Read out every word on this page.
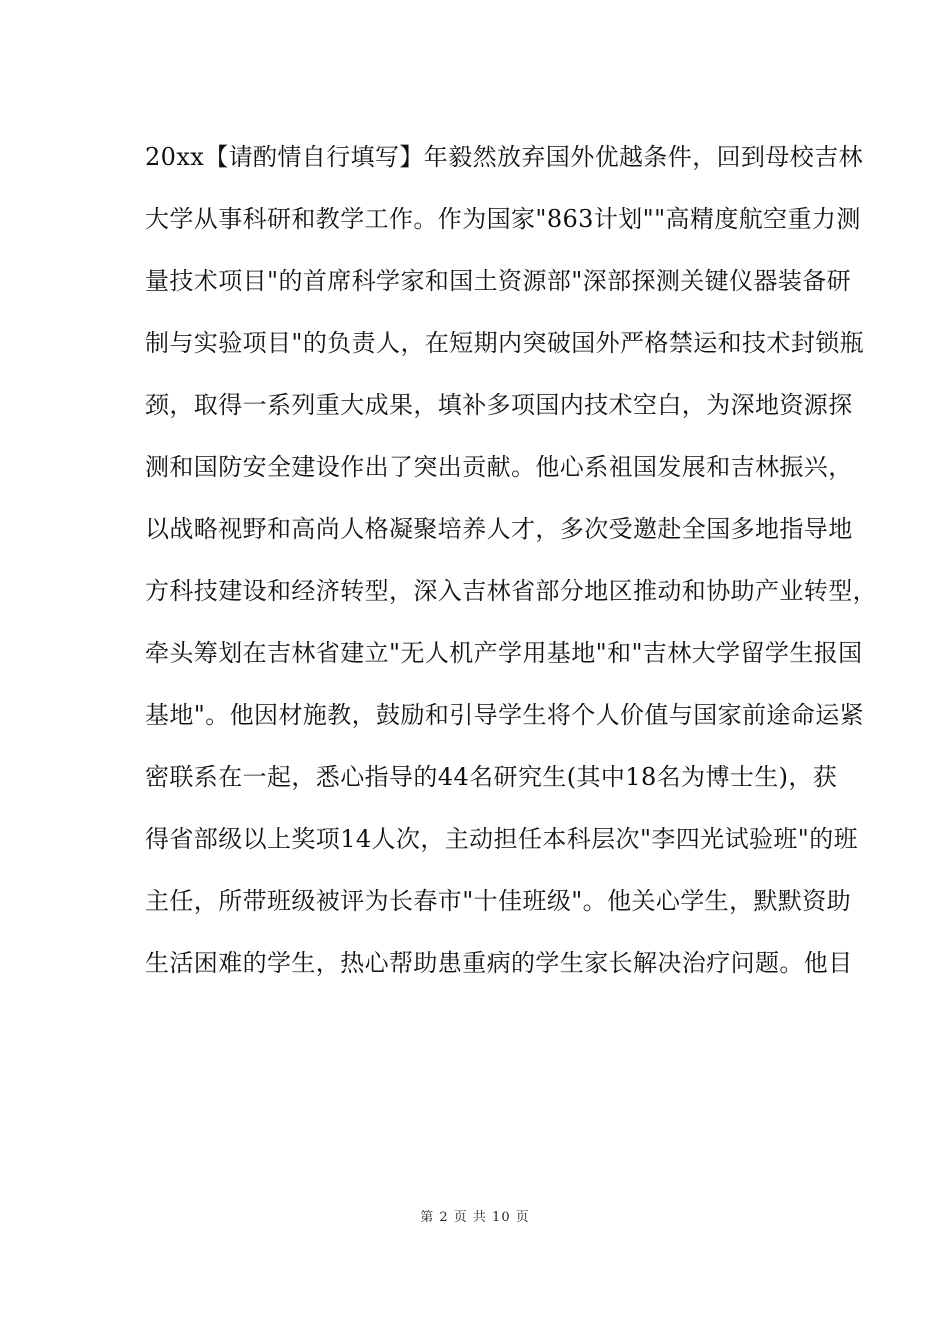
20xx【请酌情自行填写】年毅然放弃国外优越条件，回到母校吉林
大学从事科研和教学工作。作为国家"863计划""高精度航空重力测
量技术项目"的首席科学家和国土资源部"深部探测关键仪器装备研
制与实验项目"的负责人，在短期内突破国外严格禁运和技术封锁瓶
颈，取得一系列重大成果，填补多项国内技术空白，为深地资源探
测和国防安全建设作出了突出贡献。他心系祖国发展和吉林振兴，
以战略视野和高尚人格凝聚培养人才，多次受邀赴全国多地指导地
方科技建设和经济转型，深入吉林省部分地区推动和协助产业转型，
牵头筹划在吉林省建立"无人机产学用基地"和"吉林大学留学生报国
基地"。他因材施教，鼓励和引导学生将个人价值与国家前途命运紧
密联系在一起，悉心指导的44名研究生(其中18名为博士生)，获
得省部级以上奖项14人次，主动担任本科层次"李四光试验班"的班
主任，所带班级被评为长春市"十佳班级"。他关心学生，默默资助
生活困难的学生，热心帮助患重病的学生家长解决治疗问题。他目
第 2 页 共 10 页
